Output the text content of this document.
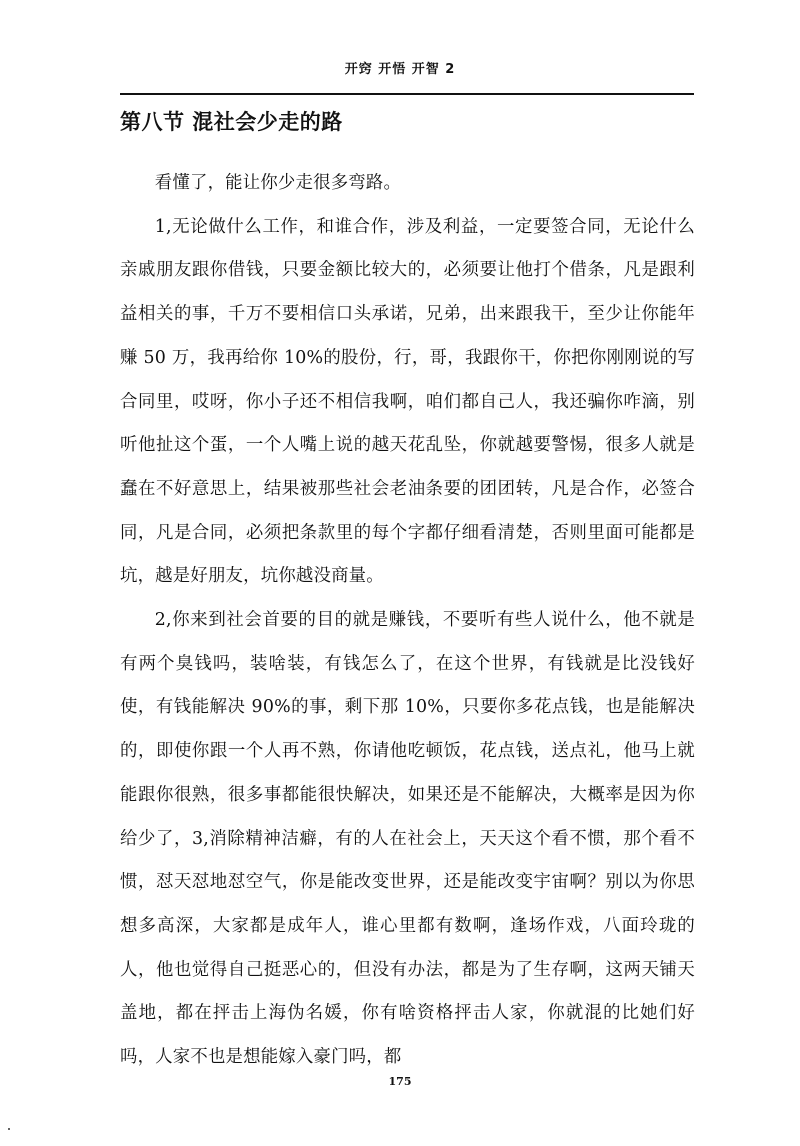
开窍 开悟 开智 2
第八节 混社会少走的路

看懂了，能让你少走很多弯路。

1,无论做什么工作，和谁合作，涉及利益，一定要签合同，无论什么亲戚朋友跟你借钱，只要金额比较大的，必须要让他打个借条，凡是跟利益相关的事，千万不要相信口头承诺，兄弟，出来跟我干，至少让你能年赚 50 万，我再给你 10%的股份，行，哥，我跟你干，你把你刚刚说的写合同里，哎呀，你小子还不相信我啊，咱们都自己人，我还骗你咋滴，别听他扯这个蛋，一个人嘴上说的越天花乱坠，你就越要警惕，很多人就是蠢在不好意思上，结果被那些社会老油条要的团团转，凡是合作，必签合同，凡是合同，必须把条款里的每个字都仔细看清楚，否则里面可能都是坑，越是好朋友，坑你越没商量。

2,你来到社会首要的目的就是赚钱，不要听有些人说什么，他不就是有两个臭钱吗，装啥装，有钱怎么了，在这个世界，有钱就是比没钱好使，有钱能解决 90%的事，剩下那 10%，只要你多花点钱，也是能解决的，即使你跟一个人再不熟，你请他吃顿饭，花点钱，送点礼，他马上就能跟你很熟，很多事都能很快解决，如果还是不能解决，大概率是因为你给少了，3,消除精神洁癖，有的人在社会上，天天这个看不惯，那个看不惯，怼天怼地怼空气，你是能改变世界，还是能改变宇宙啊？别以为你思想多高深，大家都是成年人，谁心里都有数啊，逢场作戏，八面玲珑的人，他也觉得自己挺恶心的，但没有办法，都是为了生存啊，这两天铺天盖地，都在抨击上海伪名媛，你有啥资格抨击人家，你就混的比她们好吗，人家不也是想能嫁入豪门吗，都

175
